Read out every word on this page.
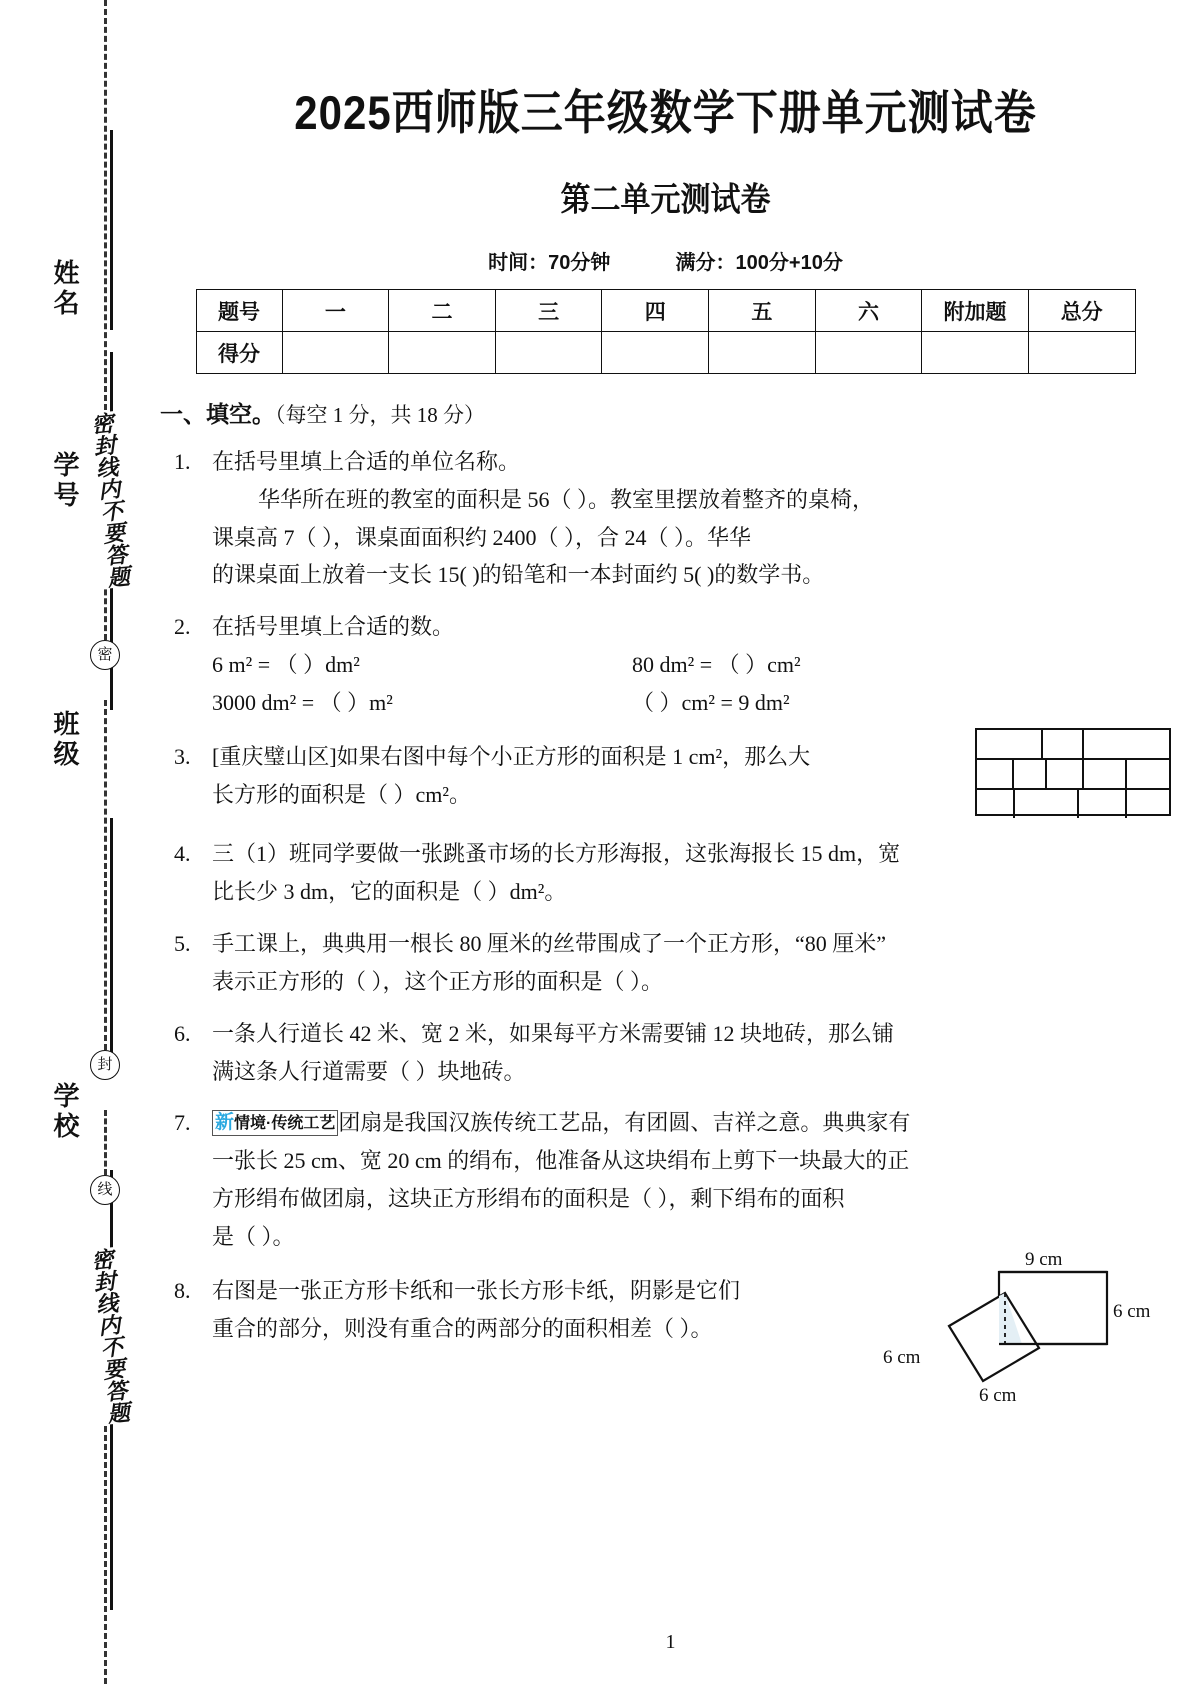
姓名
学号
班级
学校
密封线内不要答题
密
封
线
密封线内不要答题
2025西师版三年级数学下册单元测试卷
第二单元测试卷
时间：70分钟	满分：100分+10分
题号	一	二	三	四	五	六	附加题	总分
得分								
一、填空。（每空 1 分，共 18 分）
1. 在括号里填上合适的单位名称。
华华所在班的教室的面积是 56（ ）。教室里摆放着整齐的桌椅，
课桌高 7（ ），课桌面面积约 2400（ ），合 24（ ）。华华
的课桌面上放着一支长 15( )的铅笔和一本封面约 5( )的数学书。
2. 在括号里填上合适的数。
6 m² = （ ）dm²	80 dm² = （ ）cm²
3000 dm² = （ ）m²	（ ）cm² = 9 dm²
3. [重庆璧山区]如果右图中每个小正方形的面积是 1 cm²，那么大
长方形的面积是（ ）cm²。
4. 三（1）班同学要做一张跳蚤市场的长方形海报，这张海报长 15 dm，宽
比长少 3 dm，它的面积是（ ）dm²。
5. 手工课上，典典用一根长 80 厘米的丝带围成了一个正方形，“80 厘米”
表示正方形的（ ），这个正方形的面积是（ ）。
6. 一条人行道长 42 米、宽 2 米，如果每平方米需要铺 12 块地砖，那么铺
满这条人行道需要（ ）块地砖。
7. 新情境·传统工艺 团扇是我国汉族传统工艺品，有团圆、吉祥之意。典典家有
一张长 25 cm、宽 20 cm 的绢布，他准备从这块绢布上剪下一块最大的正
方形绢布做团扇，这块正方形绢布的面积是（ ），剩下绢布的面积
是（ ）。
8. 右图是一张正方形卡纸和一张长方形卡纸，阴影是它们
重合的部分，则没有重合的两部分的面积相差（ ）。
9 cm
6 cm
6 cm
6 cm
1
